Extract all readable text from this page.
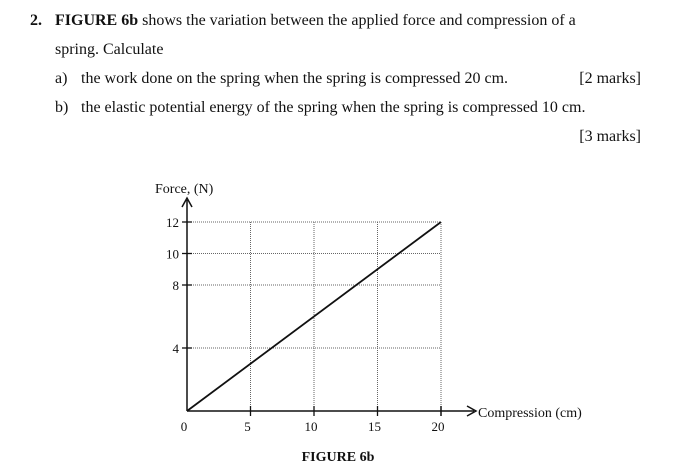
2. FIGURE 6b shows the variation between the applied force and compression of a
spring. Calculate
a) the work done on the spring when the spring is compressed 20 cm.	[2 marks]
b) the elastic potential energy of the spring when the spring is compressed 10 cm.
[3 marks]
0	5	10	15	20
4
8
10
12
Force, (N)
Compression (cm)
FIGURE 6b
